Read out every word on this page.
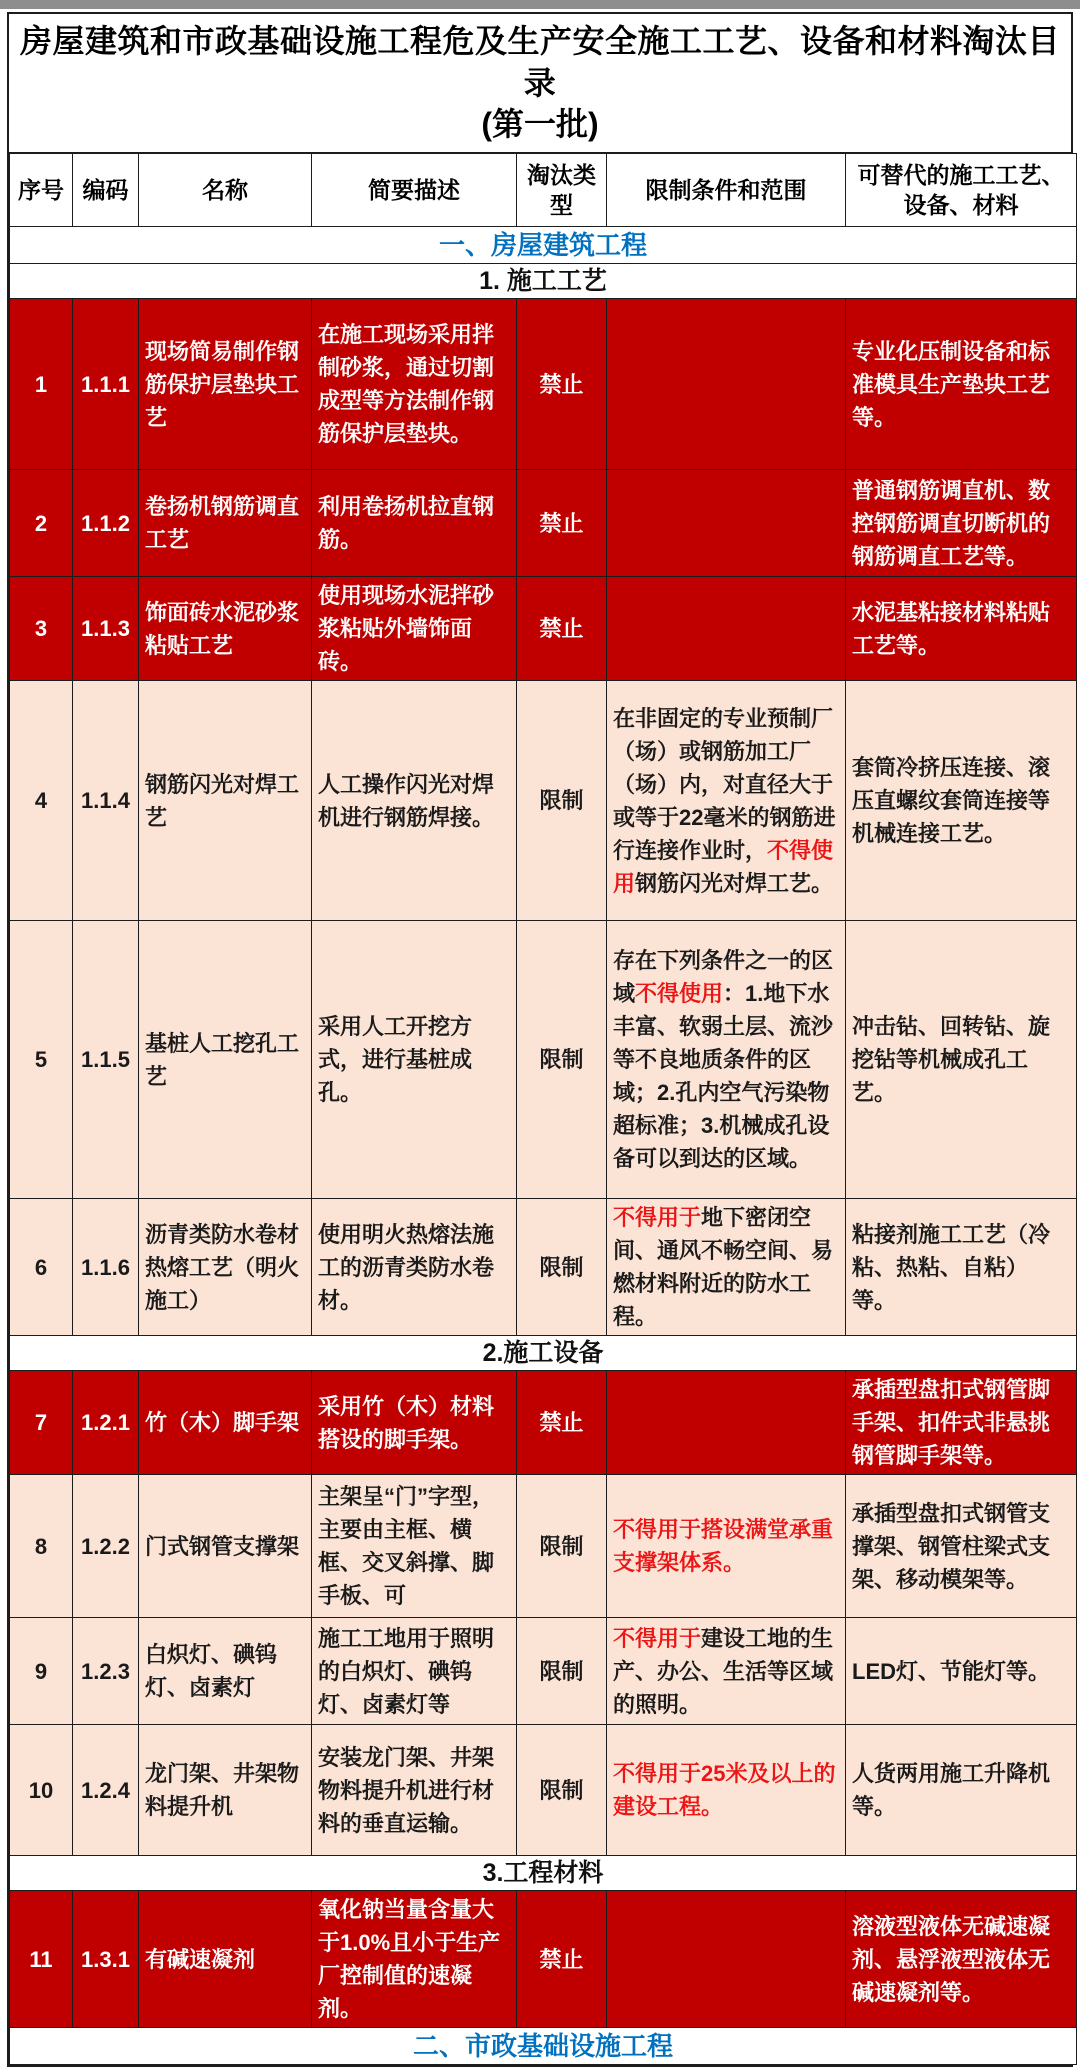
房屋建筑和市政基础设施工程危及生产安全施工工艺、设备和材料淘汰目录
(第一批)
序号	编码	名称	简要描述	淘汰类型	限制条件和范围	可替代的施工工艺、设备、材料
一、房屋建筑工程						
1. 施工工艺						
1	1.1.1	现场简易制作钢筋保护层垫块工艺	在施工现场采用拌制砂浆，通过切割成型等方法制作钢筋保护层垫块。	禁止		专业化压制设备和标准模具生产垫块工艺等。
2	1.1.2	卷扬机钢筋调直工艺	利用卷扬机拉直钢筋。	禁止		普通钢筋调直机、数控钢筋调直切断机的钢筋调直工艺等。
3	1.1.3	饰面砖水泥砂浆粘贴工艺	使用现场水泥拌砂浆粘贴外墙饰面砖。	禁止		水泥基粘接材料粘贴工艺等。
4	1.1.4	钢筋闪光对焊工艺	人工操作闪光对焊机进行钢筋焊接。	限制	在非固定的专业预制厂（场）或钢筋加工厂（场）内，对直径大于或等于22毫米的钢筋进行连接作业时，不得使用钢筋闪光对焊工艺。	套筒冷挤压连接、滚压直螺纹套筒连接等机械连接工艺。
5	1.1.5	基桩人工挖孔工艺	采用人工开挖方式，进行基桩成孔。	限制	存在下列条件之一的区域不得使用：1.地下水丰富、软弱土层、流沙等不良地质条件的区域；2.孔内空气污染物超标准；3.机械成孔设备可以到达的区域。	冲击钻、回转钻、旋挖钻等机械成孔工艺。
6	1.1.6	沥青类防水卷材热熔工艺（明火施工）	使用明火热熔法施工的沥青类防水卷材。	限制	不得用于地下密闭空间、通风不畅空间、易燃材料附近的防水工程。	粘接剂施工工艺（冷粘、热粘、自粘）等。
2.施工设备						
7	1.2.1	竹（木）脚手架	采用竹（木）材料搭设的脚手架。	禁止		承插型盘扣式钢管脚手架、扣件式非悬挑钢管脚手架等。
8	1.2.2	门式钢管支撑架	主架呈“门”字型，主要由主框、横框、交叉斜撑、脚手板、可	限制	不得用于搭设满堂承重支撑架体系。	承插型盘扣式钢管支撑架、钢管柱梁式支架、移动模架等。
9	1.2.3	白炽灯、碘钨灯、卤素灯	施工工地用于照明的白炽灯、碘钨灯、卤素灯等	限制	不得用于建设工地的生产、办公、生活等区域的照明。	LED灯、节能灯等。
10	1.2.4	龙门架、井架物料提升机	安装龙门架、井架物料提升机进行材料的垂直运输。	限制	不得用于25米及以上的建设工程。	人货两用施工升降机等。
3.工程材料						
11	1.3.1	有碱速凝剂	氧化钠当量含量大于1.0%且小于生产厂控制值的速凝剂。	禁止		溶液型液体无碱速凝剂、悬浮液型液体无碱速凝剂等。
二、市政基础设施工程						
